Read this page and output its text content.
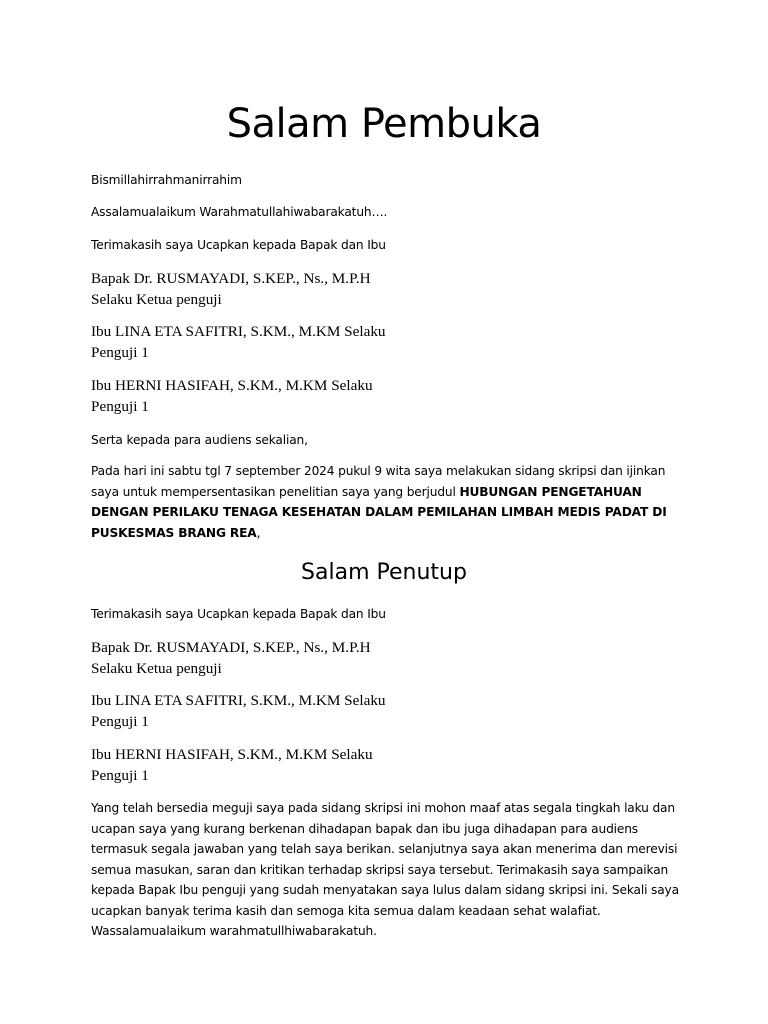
Salam Pembuka

Bismillahirrahmanirrahim

Assalamualaikum Warahmatullahiwabarakatuh….

Terimakasih saya Ucapkan kepada Bapak dan Ibu

Bapak Dr. RUSMAYADI, S.KEP., Ns., M.P.H
Selaku Ketua penguji

Ibu LINA ETA SAFITRI, S.KM., M.KM Selaku
Penguji 1

Ibu HERNI HASIFAH, S.KM., M.KM Selaku
Penguji 1

Serta kepada para audiens sekalian,

Pada hari ini sabtu tgl 7 september 2024 pukul 9 wita saya melakukan sidang skripsi dan ijinkan saya untuk mempersentasikan penelitian saya yang berjudul HUBUNGAN PENGETAHUAN DENGAN PERILAKU TENAGA KESEHATAN DALAM PEMILAHAN LIMBAH MEDIS PADAT DI PUSKESMAS BRANG REA,

Salam Penutup

Terimakasih saya Ucapkan kepada Bapak dan Ibu

Bapak Dr. RUSMAYADI, S.KEP., Ns., M.P.H
Selaku Ketua penguji

Ibu LINA ETA SAFITRI, S.KM., M.KM Selaku
Penguji 1

Ibu HERNI HASIFAH, S.KM., M.KM Selaku
Penguji 1

Yang telah bersedia meguji saya pada sidang skripsi ini mohon maaf atas segala tingkah laku dan ucapan saya yang kurang berkenan dihadapan bapak dan ibu juga dihadapan para audiens termasuk segala jawaban yang telah saya berikan. selanjutnya saya akan menerima dan merevisi semua masukan, saran dan kritikan terhadap skripsi saya tersebut. Terimakasih saya sampaikan kepada Bapak Ibu penguji yang sudah menyatakan saya lulus dalam sidang skripsi ini. Sekali saya ucapkan banyak terima kasih dan semoga kita semua dalam keadaan sehat walafiat. Wassalamualaikum warahmatullhiwabarakatuh.
